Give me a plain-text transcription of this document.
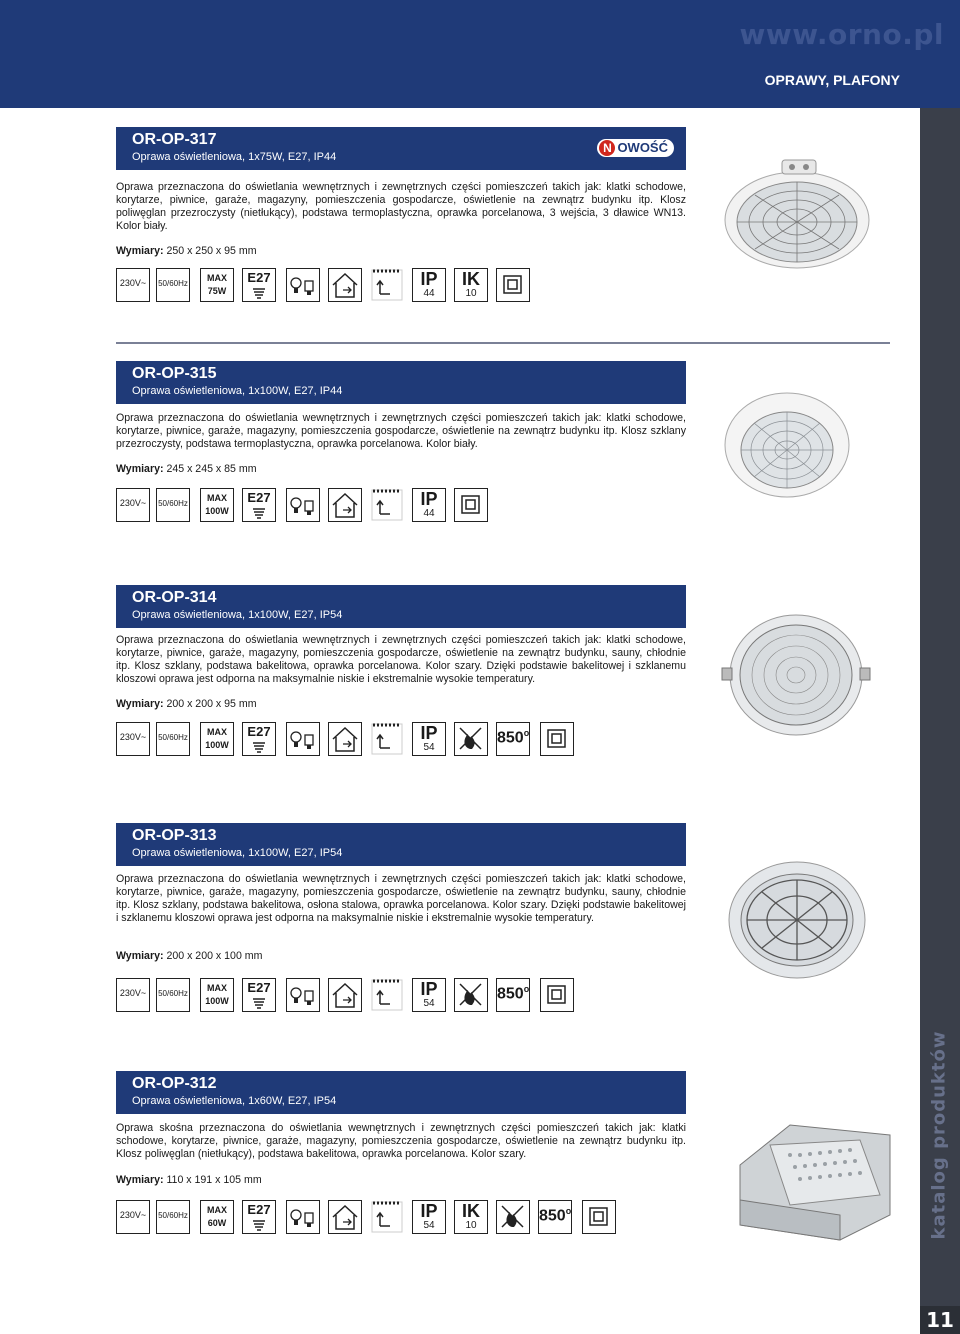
www.orno.pl
OPRAWY, PLAFONY
katalog produktów
11
OR-OP-317
Oprawa oświetleniowa, 1x75W, E27, IP44
N OWOŚĆ

Oprawa przeznaczona do oświetlania wewnętrznych i zewnętrznych części pomieszczeń takich jak: klatki schodowe, korytarze, piwnice, garaże, magazyny, pomieszczenia gospodarcze, oświetlenie na zewnątrz budynku itp. Klosz poliwęglan przezroczysty (nietłukący), podstawa termoplastyczna, oprawka porcelanowa, 3 wejścia, 3 dławice WN13. Kolor biały.

Wymiary: 250 x 250 x 95 mm
230V~	50/60Hz
MAX
75W
E27	IP
44
IK
10
OR-OP-315
Oprawa oświetleniowa, 1x100W, E27, IP44

Oprawa przeznaczona do oświetlania wewnętrznych i zewnętrznych części pomieszczeń takich jak: klatki schodowe, korytarze, piwnice, garaże, magazyny, pomieszczenia gospodarcze, oświetlenie na zewnątrz budynku itp. Klosz szklany przezroczysty, podstawa termoplastyczna, oprawka porcelanowa. Kolor biały.

Wymiary: 245 x 245 x 85 mm
230V~	50/60Hz
MAX
100W
E27	IP
44
OR-OP-314
Oprawa oświetleniowa, 1x100W, E27, IP54

Oprawa przeznaczona do oświetlania wewnętrznych i zewnętrznych części pomieszczeń takich jak: klatki schodowe, korytarze, piwnice, garaże, magazyny, pomieszczenia gospodarcze, oświetlenie na zewnątrz budynku, sauny, chłodnie itp. Klosz szklany, podstawa bakelitowa, oprawka porcelanowa. Kolor szary. Dzięki podstawie bakelitowej i szklanemu kloszowi oprawa jest odporna na maksymalnie niskie i ekstremalnie wysokie temperatury.

Wymiary: 200 x 200 x 95 mm
230V~	50/60Hz
MAX
100W
E27	IP
54
850$^o$
OR-OP-313
Oprawa oświetleniowa, 1x100W, E27, IP54

Oprawa przeznaczona do oświetlania wewnętrznych i zewnętrznych części pomieszczeń takich jak: klatki schodowe, korytarze, piwnice, garaże, magazyny, pomieszczenia gospodarcze, oświetlenie na zewnątrz budynku, sauny, chłodnie itp. Klosz szklany, podstawa bakelitowa, osłona stalowa, oprawka porcelanowa. Kolor szary. Dzięki podstawie bakelitowej i szklanemu kloszowi oprawa jest odporna na maksymalnie niskie i ekstremalnie wysokie temperatury.

Wymiary: 200 x 200 x 100 mm
230V~	50/60Hz
MAX
100W
E27	IP
54
850$^o$
OR-OP-312
Oprawa oświetleniowa, 1x60W, E27, IP54

Oprawa skośna przeznaczona do oświetlania wewnętrznych i zewnętrznych części pomieszczeń takich jak: klatki schodowe, korytarze, piwnice, garaże, magazyny, pomieszczenia gospodarcze, oświetlenie na zewnątrz budynku itp. Klosz poliwęglan (nietłukący), podstawa bakelitowa, oprawka porcelanowa. Kolor szary.

Wymiary: 110 x 191 x 105 mm
230V~	50/60Hz
MAX
60W
E27	IP
54
IK
10
850$^o$
